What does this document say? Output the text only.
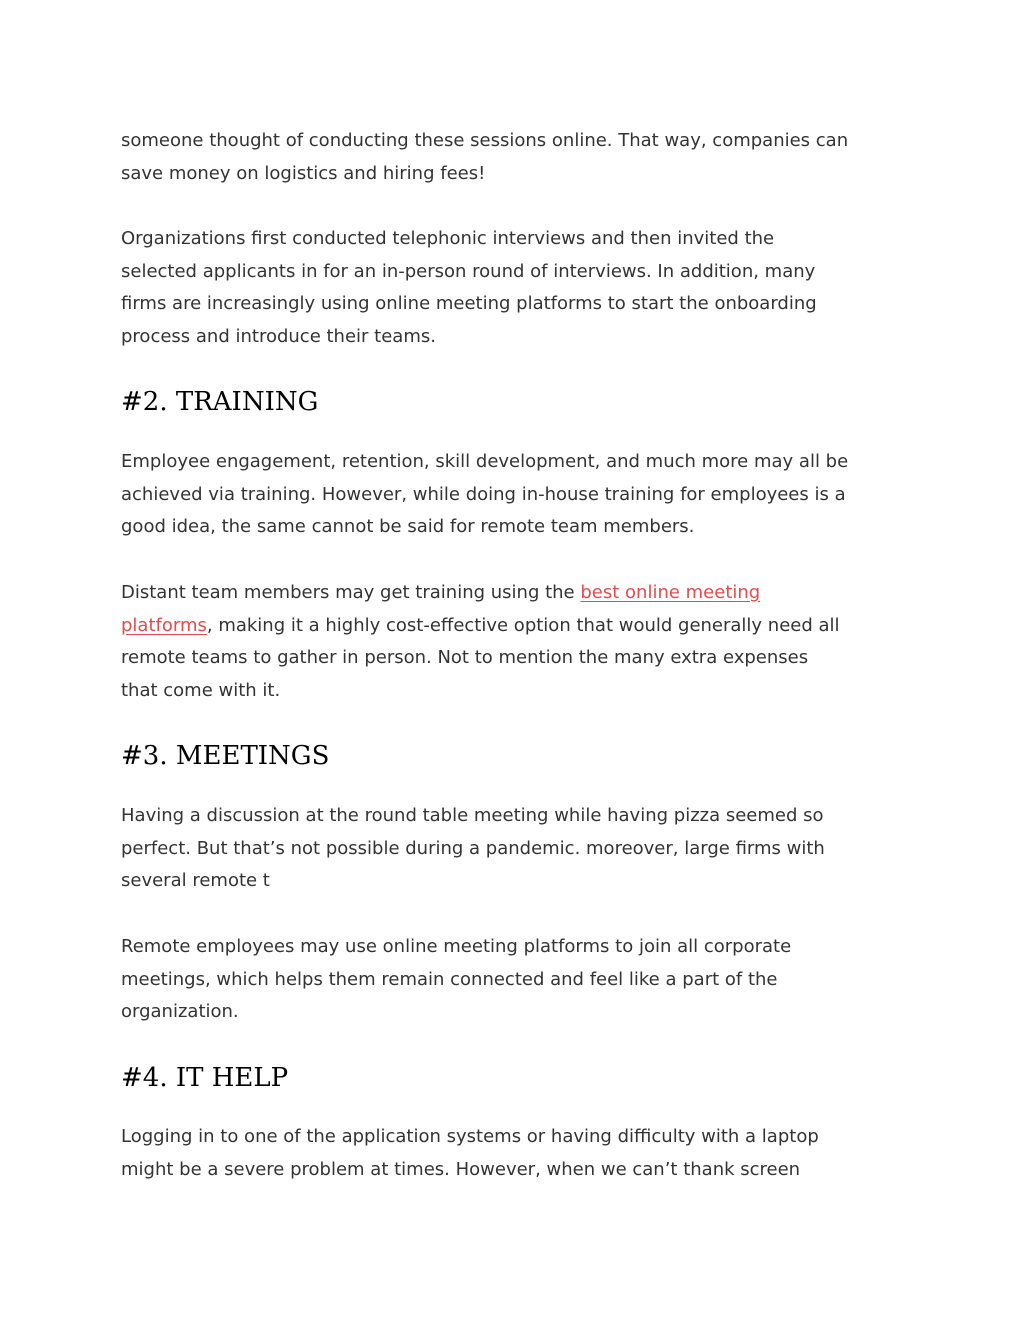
someone thought of conducting these sessions online. That way, companies can
save money on logistics and hiring fees!

Organizations first conducted telephonic interviews and then invited the
selected applicants in for an in-person round of interviews. In addition, many
firms are increasingly using online meeting platforms to start the onboarding
process and introduce their teams.

#2. TRAINING

Employee engagement, retention, skill development, and much more may all be
achieved via training. However, while doing in-house training for employees is a
good idea, the same cannot be said for remote team members.

Distant team members may get training using the best online meeting
platforms, making it a highly cost-effective option that would generally need all
remote teams to gather in person. Not to mention the many extra expenses
that come with it.

#3. MEETINGS

Having a discussion at the round table meeting while having pizza seemed so
perfect. But that’s not possible during a pandemic. moreover, large firms with
several remote t

Remote employees may use online meeting platforms to join all corporate
meetings, which helps them remain connected and feel like a part of the
organization.

#4. IT HELP

Logging in to one of the application systems or having difficulty with a laptop
might be a severe problem at times. However, when we can’t thank screen
